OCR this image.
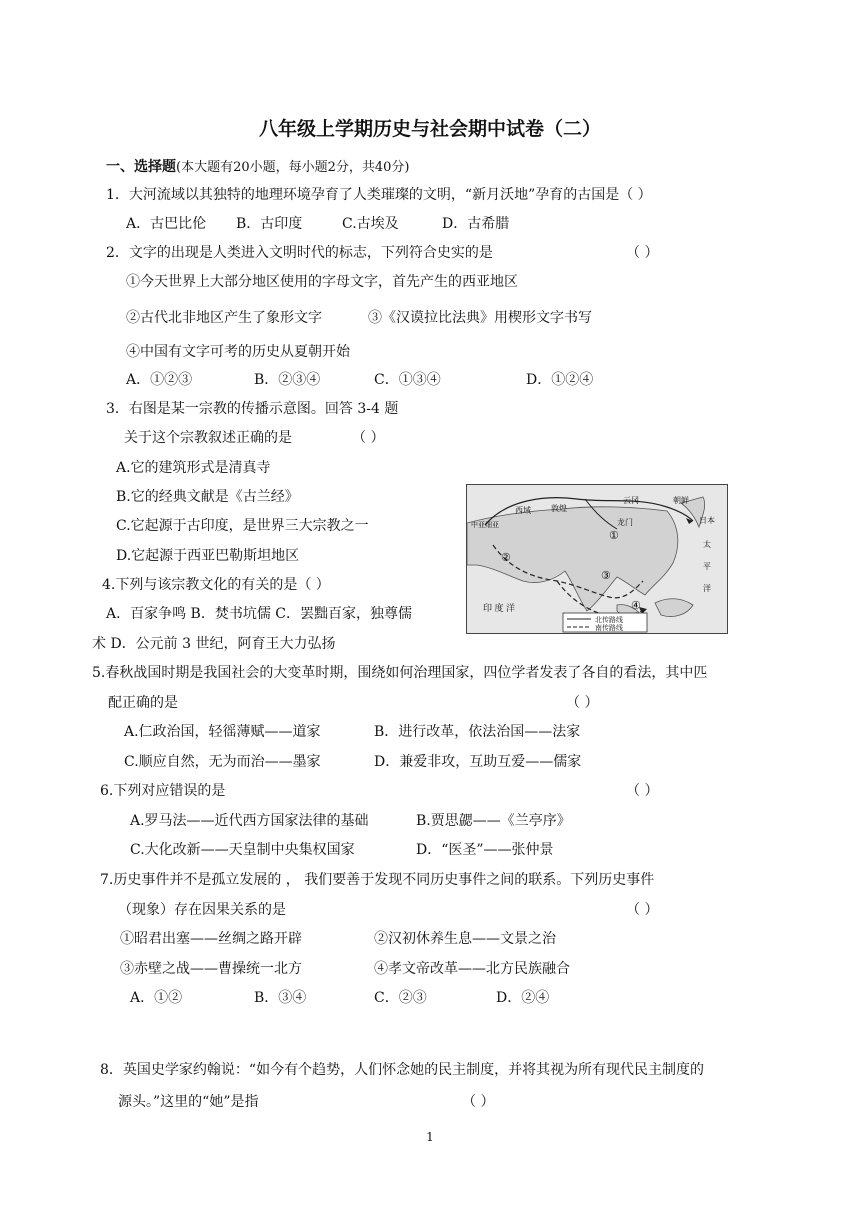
八年级上学期历史与社会期中试卷（二）
一、选择题(本大题有20小题，每小题2分，共40分)
1．大河流域以其独特的地理环境孕育了人类璀璨的文明，“新月沃地”孕育的古国是（ ）
A．古巴比伦 B．古印度	C.古埃及	D．古希腊
2．文字的出现是人类进入文明时代的标志，下列符合史实的是	（ ）
①今天世界上大部分地区使用的字母文字，首先产生的西亚地区
②古代北非地区产生了象形文字	③《汉谟拉比法典》用楔形文字书写
④中国有文字可考的历史从夏朝开始
A．①②③	B．②③④	C．①③④	D．①②④
3．右图是某一宗教的传播示意图。回答 3-4 题
关于这个宗教叙述正确的是	（ ）
A.它的建筑形式是清真寺
B.它的经典文献是《古兰经》
C.它起源于古印度，是世界三大宗教之一
D.它起源于西亚巴勒斯坦地区
朝鲜
日本
云冈
西域	敦煌
龙门
中亚细亚
太
平
洋
印 度 洋
①
②
③
④
北传路线
南传路线
4.下列与该宗教文化的有关的是（ ）
A．百家争鸣 B．焚书坑儒 C．罢黜百家，独尊儒
术 D．公元前 3 世纪，阿育王大力弘扬
5.春秋战国时期是我国社会的大变革时期，围绕如何治理国家，四位学者发表了各自的看法，其中匹
配正确的是	（ ）
A.仁政治国，轻徭薄赋——道家	B．进行改革，依法治国——法家
C.顺应自然，无为而治——墨家	D．兼爱非攻，互助互爱——儒家
6.下列对应错误的是	（ ）
A.罗马法——近代西方国家法律的基础	B.贾思勰——《兰亭序》
C.大化改新——天皇制中央集权国家	D．“医圣”——张仲景
7.历史事件并不是孤立发展的 ， 我们要善于发现不同历史事件之间的联系。下列历史事件
（现象）存在因果关系的是	（ ）
①昭君出塞——丝绸之路开辟	②汉初休养生息——文景之治
③赤壁之战——曹操统一北方	④孝文帝改革——北方民族融合
A．①②	B．③④	C．②③	D．②④
8．英国史学家约翰说：“如今有个趋势，人们怀念她的民主制度，并将其视为所有现代民主制度的
源头。”这里的“她”是指	（ ）
1
